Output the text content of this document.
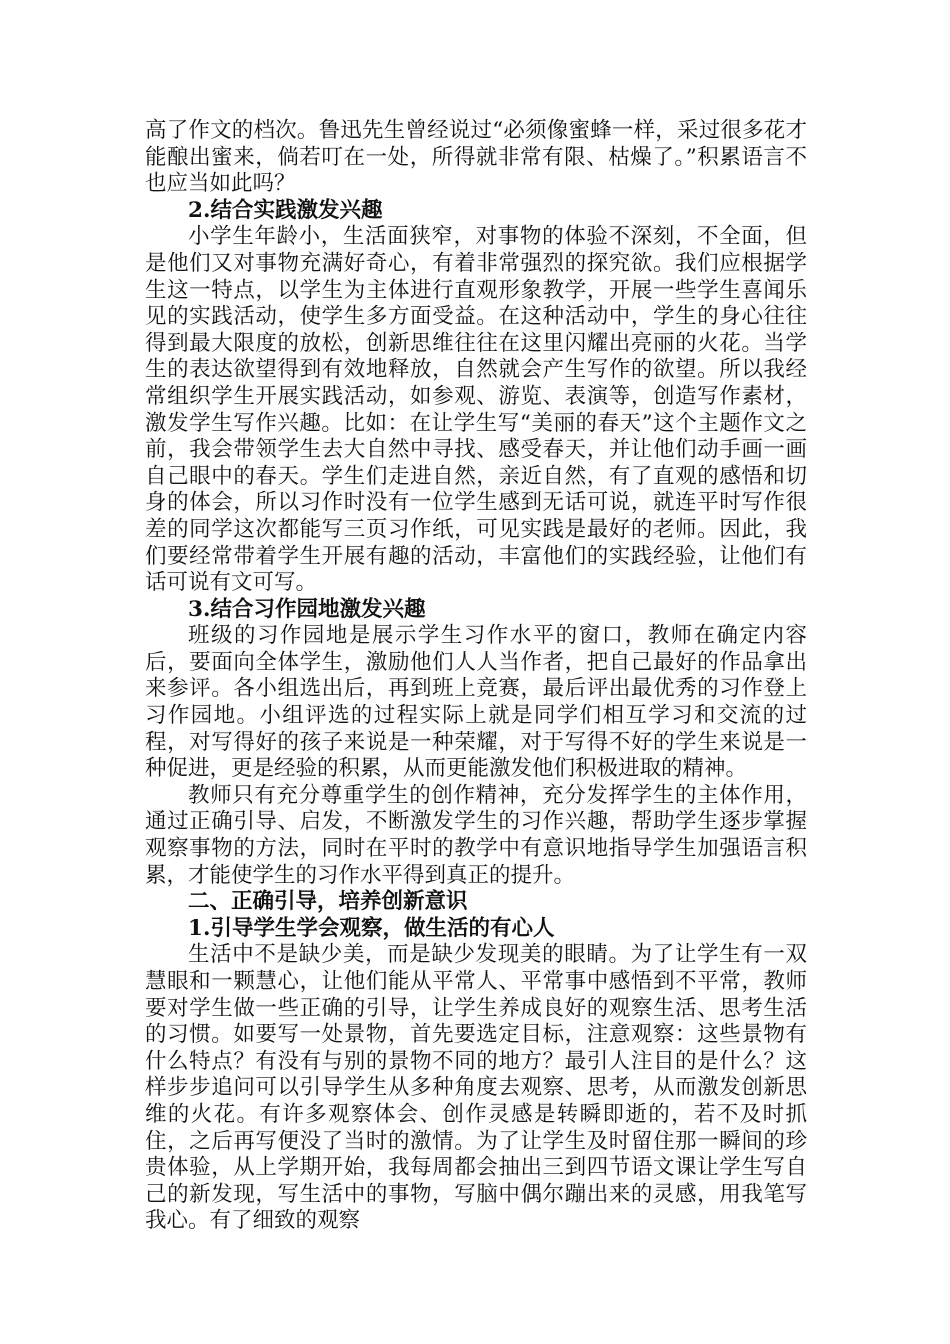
高了作文的档次。鲁迅先生曾经说过“必须像蜜蜂一样，采过很多花才能酿出蜜来，倘若叮在一处，所得就非常有限、枯燥了。”积累语言不也应当如此吗？

2.结合实践激发兴趣

小学生年龄小，生活面狭窄，对事物的体验不深刻，不全面，但是他们又对事物充满好奇心，有着非常强烈的探究欲。我们应根据学生这一特点，以学生为主体进行直观形象教学，开展一些学生喜闻乐见的实践活动，使学生多方面受益。在这种活动中，学生的身心往往得到最大限度的放松，创新思维往往在这里闪耀出亮丽的火花。当学生的表达欲望得到有效地释放，自然就会产生写作的欲望。所以我经常组织学生开展实践活动，如参观、游览、表演等，创造写作素材，激发学生写作兴趣。比如：在让学生写“美丽的春天”这个主题作文之前，我会带领学生去大自然中寻找、感受春天，并让他们动手画一画自己眼中的春天。学生们走进自然，亲近自然，有了直观的感悟和切身的体会，所以习作时没有一位学生感到无话可说，就连平时写作很差的同学这次都能写三页习作纸，可见实践是最好的老师。因此，我们要经常带着学生开展有趣的活动，丰富他们的实践经验，让他们有话可说有文可写。

3.结合习作园地激发兴趣

班级的习作园地是展示学生习作水平的窗口，教师在确定内容后，要面向全体学生，激励他们人人当作者，把自己最好的作品拿出来参评。各小组选出后，再到班上竞赛，最后评出最优秀的习作登上习作园地。小组评选的过程实际上就是同学们相互学习和交流的过程，对写得好的孩子来说是一种荣耀，对于写得不好的学生来说是一种促进，更是经验的积累，从而更能激发他们积极进取的精神。

教师只有充分尊重学生的创作精神，充分发挥学生的主体作用，通过正确引导、启发，不断激发学生的习作兴趣，帮助学生逐步掌握观察事物的方法，同时在平时的教学中有意识地指导学生加强语言积累，才能使学生的习作水平得到真正的提升。

二、正确引导，培养创新意识

1.引导学生学会观察，做生活的有心人

生活中不是缺少美，而是缺少发现美的眼睛。为了让学生有一双慧眼和一颗慧心，让他们能从平常人、平常事中感悟到不平常，教师要对学生做一些正确的引导，让学生养成良好的观察生活、思考生活的习惯。如要写一处景物，首先要选定目标，注意观察：这些景物有什么特点？有没有与别的景物不同的地方？最引人注目的是什么？这样步步追问可以引导学生从多种角度去观察、思考，从而激发创新思维的火花。有许多观察体会、创作灵感是转瞬即逝的，若不及时抓住，之后再写便没了当时的激情。为了让学生及时留住那一瞬间的珍贵体验，从上学期开始，我每周都会抽出三到四节语文课让学生写自己的新发现，写生活中的事物，写脑中偶尔蹦出来的灵感，用我笔写我心。有了细致的观察
